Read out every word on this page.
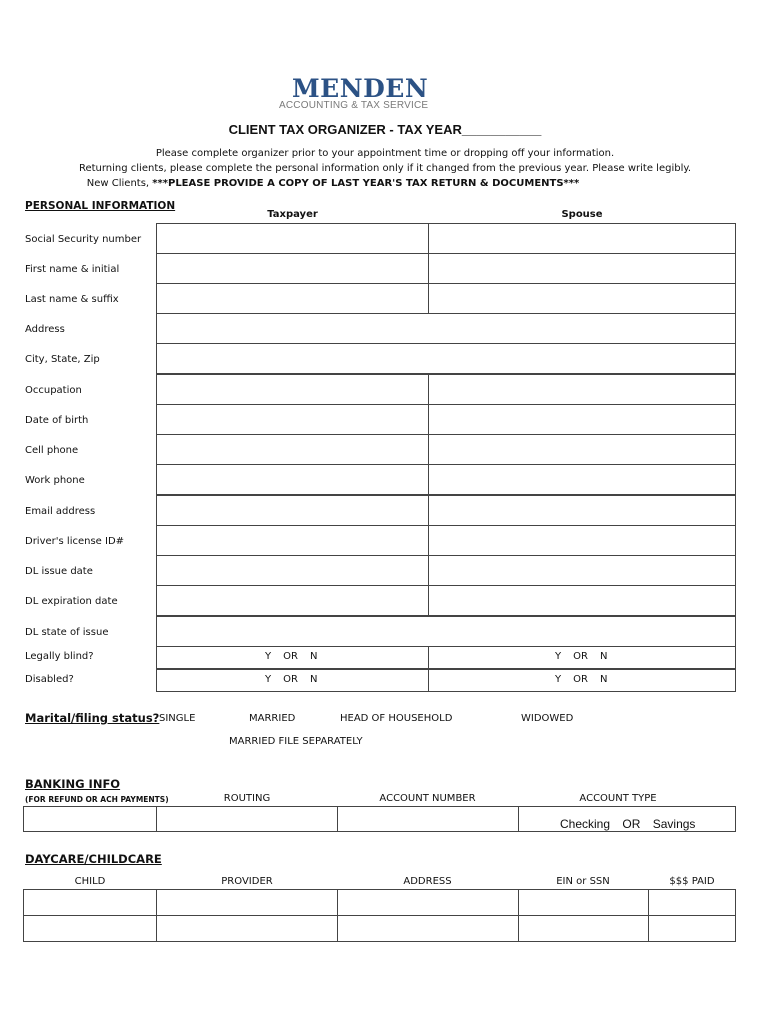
MENDEN
ACCOUNTING & TAX SERVICE
CLIENT TAX ORGANIZER - TAX YEAR___________
Please complete organizer prior to your appointment time or dropping off your information.
Returning clients, please complete the personal information only if it changed from the previous year. Please write legibly.
New Clients, ***PLEASE PROVIDE A COPY OF LAST YEAR'S TAX RETURN & DOCUMENTS***
PERSONAL INFORMATION
Taxpayer	Spouse
Social Security number
First name & initial
Last name & suffix
Address
City, State, Zip
Occupation
Date of birth
Cell phone
Work phone
Email address
Driver's license ID#
DL issue date
DL expiration date
DL state of issue
Legally blind?	Y OR N	Y OR N
Disabled?	Y OR N	Y OR N
Marital/filing status? SINGLE	MARRIED	HEAD OF HOUSEHOLD	WIDOWED
MARRIED FILE SEPARATELY
BANKING INFO
(FOR REFUND OR ACH PAYMENTS)	ROUTING	ACCOUNT NUMBER	ACCOUNT TYPE
Checking OR Savings
DAYCARE/CHILDCARE
CHILD	PROVIDER	ADDRESS	EIN or SSN	$$$ PAID
